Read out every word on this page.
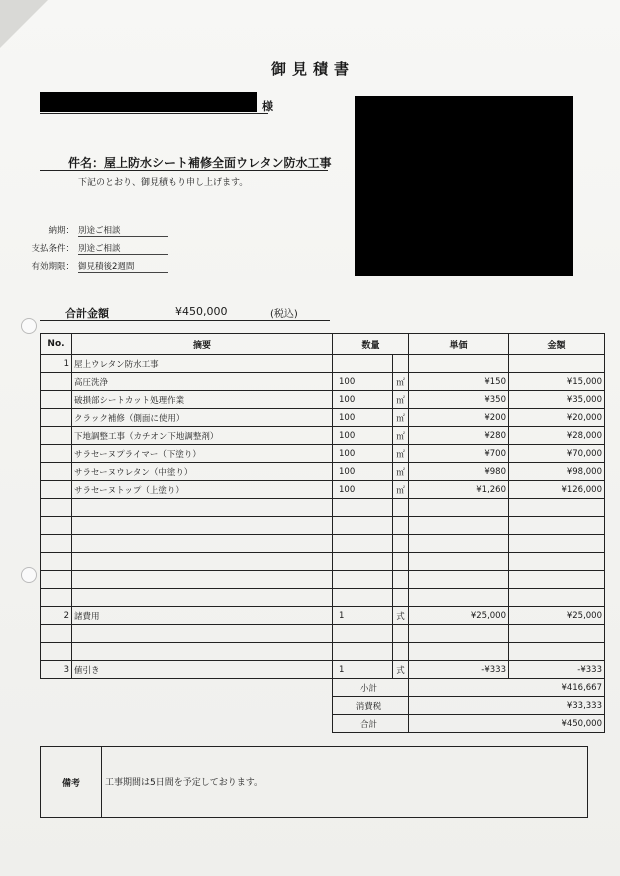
御見積書
様
件名：屋上防水シート補修全面ウレタン防水工事
下記のとおり、御見積もり申し上げます。
納期： 別途ご相談
支払条件： 別途ご相談
有効期限： 御見積後2週間
合計金額	¥450,000	(税込)
No.	摘要	数量		単価	金額
1	屋上ウレタン防水工事				
	高圧洗浄	100	㎡	¥150	¥15,000
	破損部シートカット処理作業	100	㎡	¥350	¥35,000
	クラック補修（側面に使用）	100	㎡	¥200	¥20,000
	下地調整工事（カチオン下地調整剤）	100	㎡	¥280	¥28,000
	サラセーヌプライマー（下塗り）	100	㎡	¥700	¥70,000
	サラセーヌウレタン（中塗り）	100	㎡	¥980	¥98,000
	サラセーヌトップ（上塗り）	100	㎡	¥1,260	¥126,000

2	諸費用	1	式	¥25,000	¥25,000

3	値引き	1	式	-¥333	-¥333
		小計			¥416,667
		消費税			¥33,333
		合計			¥450,000
備考	工事期間は5日間を予定しております。
